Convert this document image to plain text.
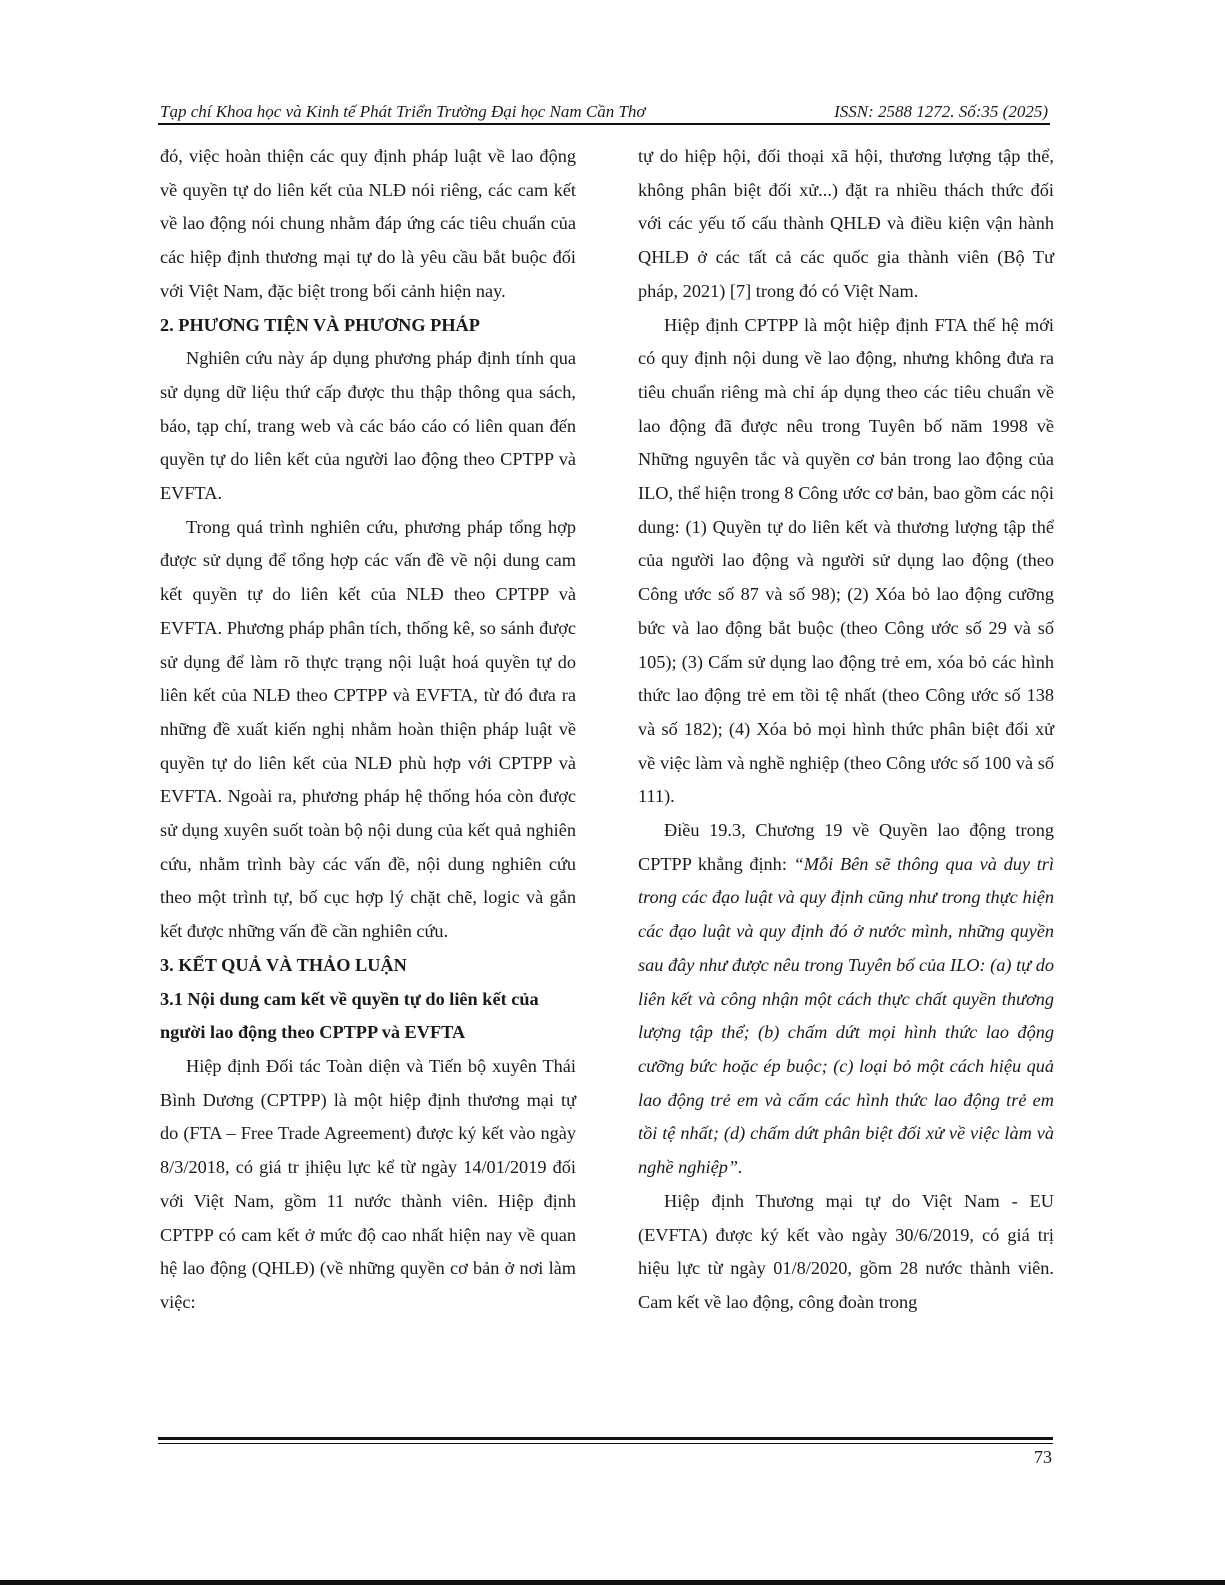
Tạp chí Khoa học và Kinh tế Phát Triển Trường Đại học Nam Cần Thơ	ISSN: 2588 1272. Số:35 (2025)

đó, việc hoàn thiện các quy định pháp luật về lao động về quyền tự do liên kết của NLĐ nói riêng, các cam kết về lao động nói chung nhằm đáp ứng các tiêu chuẩn của các hiệp định thương mại tự do là yêu cầu bắt buộc đối với Việt Nam, đặc biệt trong bối cảnh hiện nay.

2. PHƯƠNG TIỆN VÀ PHƯƠNG PHÁP

Nghiên cứu này áp dụng phương pháp định tính qua sử dụng dữ liệu thứ cấp được thu thập thông qua sách, báo, tạp chí, trang web và các báo cáo có liên quan đến quyền tự do liên kết của người lao động theo CPTPP và EVFTA.

Trong quá trình nghiên cứu, phương pháp tổng hợp được sử dụng để tổng hợp các vấn đề về nội dung cam kết quyền tự do liên kết của NLĐ theo CPTPP và EVFTA. Phương pháp phân tích, thống kê, so sánh được sử dụng để làm rõ thực trạng nội luật hoá quyền tự do liên kết của NLĐ theo CPTPP và EVFTA, từ đó đưa ra những đề xuất kiến nghị nhằm hoàn thiện pháp luật về quyền tự do liên kết của NLĐ phù hợp với CPTPP và EVFTA. Ngoài ra, phương pháp hệ thống hóa còn được sử dụng xuyên suốt toàn bộ nội dung của kết quả nghiên cứu, nhằm trình bày các vấn đề, nội dung nghiên cứu theo một trình tự, bố cục hợp lý chặt chẽ, logic và gắn kết được những vấn đề cần nghiên cứu.

3. KẾT QUẢ VÀ THẢO LUẬN
3.1 Nội dung cam kết về quyền tự do liên kết của người lao động theo CPTPP và EVFTA

Hiệp định Đối tác Toàn diện và Tiến bộ xuyên Thái Bình Dương (CPTPP) là một hiệp định thương mại tự do (FTA – Free Trade Agreement) được ký kết vào ngày 8/3/2018, có giá tr ịhiệu lực kể từ ngày 14/01/2019 đối với Việt Nam, gồm 11 nước thành viên. Hiệp định CPTPP có cam kết ở mức độ cao nhất hiện nay về quan hệ lao động (QHLĐ) (về những quyền cơ bản ở nơi làm việc:

tự do hiệp hội, đối thoại xã hội, thương lượng tập thể, không phân biệt đối xử...) đặt ra nhiều thách thức đối với các yếu tố cấu thành QHLĐ và điều kiện vận hành QHLĐ ở các tất cả các quốc gia thành viên (Bộ Tư pháp, 2021) [7] trong đó có Việt Nam.

Hiệp định CPTPP là một hiệp định FTA thế hệ mới có quy định nội dung về lao động, nhưng không đưa ra tiêu chuẩn riêng mà chỉ áp dụng theo các tiêu chuẩn về lao động đã được nêu trong Tuyên bố năm 1998 về Những nguyên tắc và quyền cơ bản trong lao động của ILO, thể hiện trong 8 Công ước cơ bản, bao gồm các nội dung: (1) Quyền tự do liên kết và thương lượng tập thể của người lao động và người sử dụng lao động (theo Công ước số 87 và số 98); (2) Xóa bỏ lao động cưỡng bức và lao động bắt buộc (theo Công ước số 29 và số 105); (3) Cấm sử dụng lao động trẻ em, xóa bỏ các hình thức lao động trẻ em tồi tệ nhất (theo Công ước số 138 và số 182); (4) Xóa bỏ mọi hình thức phân biệt đối xử về việc làm và nghề nghiệp (theo Công ước số 100 và số 111).

Điều 19.3, Chương 19 về Quyền lao động trong CPTPP khẳng định: “Mỗi Bên sẽ thông qua và duy trì trong các đạo luật và quy định cũng như trong thực hiện các đạo luật và quy định đó ở nước mình, những quyền sau đây như được nêu trong Tuyên bố của ILO: (a) tự do liên kết và công nhận một cách thực chất quyền thương lượng tập thể; (b) chấm dứt mọi hình thức lao động cưỡng bức hoặc ép buộc; (c) loại bỏ một cách hiệu quả lao động trẻ em và cấm các hình thức lao động trẻ em tồi tệ nhất; (d) chấm dứt phân biệt đối xử về việc làm và nghề nghiệp”.

Hiệp định Thương mại tự do Việt Nam - EU (EVFTA) được ký kết vào ngày 30/6/2019, có giá trị hiệu lực từ ngày 01/8/2020, gồm 28 nước thành viên. Cam kết về lao động, công đoàn trong

73
